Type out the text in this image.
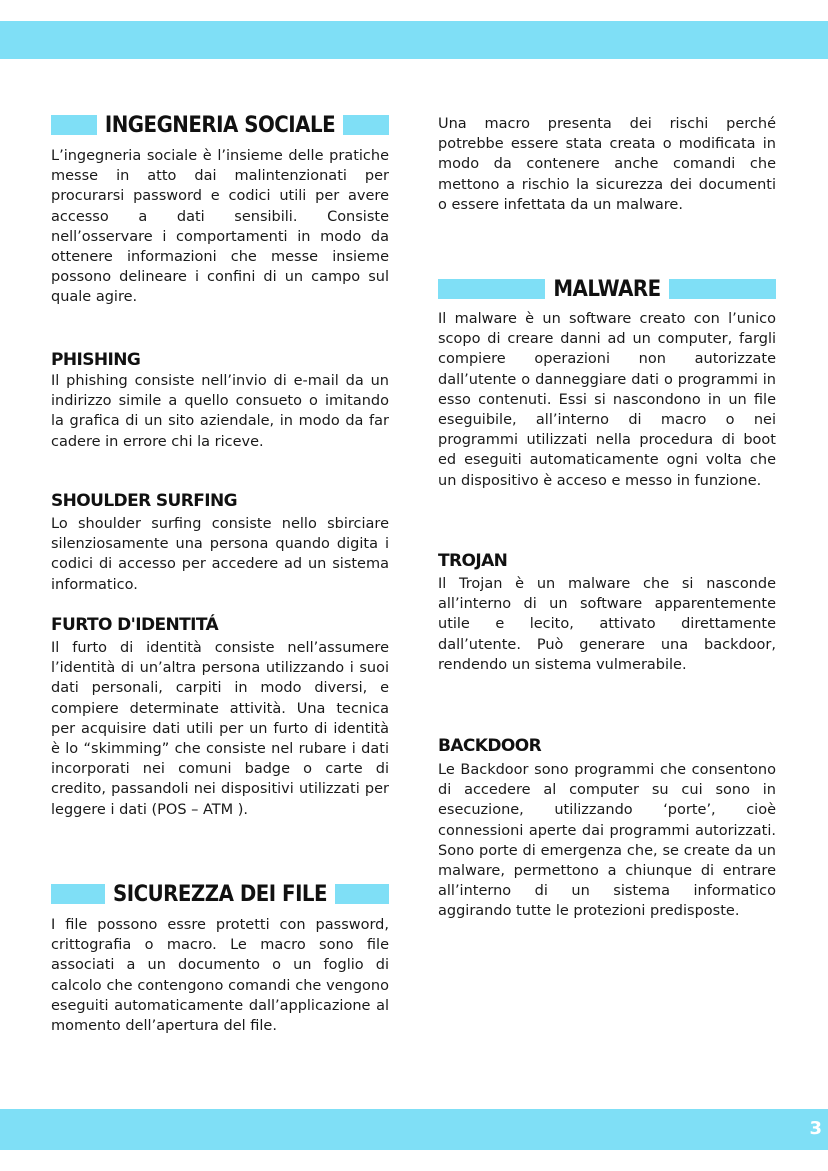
INGEGNERIA SOCIALE

L’ingegneria sociale è l’insieme delle pratiche messe in atto dai malintenzionati per procurarsi password e codici utili per avere accesso a dati sensibili. Consiste nell’osservare i comportamenti in modo da ottenere informazioni che messe insieme possono delineare i confini di un campo sul quale agire.

PHISHING

Il phishing consiste nell’invio di e-mail da un indirizzo simile a quello consueto o imitando la grafica di un sito aziendale, in modo da far cadere in errore chi la riceve.

SHOULDER SURFING

Lo shoulder surfing consiste nello sbirciare silenziosamente una persona quando digita i codici di accesso per accedere ad un sistema informatico.

FURTO D'IDENTITÁ

Il furto di identità consiste nell’assumere l’identità di un’altra persona utilizzando i suoi dati personali, carpiti in modo diversi, e compiere determinate attività. Una tecnica per acquisire dati utili per un furto di identità è lo “skimming” che consiste nel rubare i dati incorporati nei comuni badge o carte di credito, passandoli nei dispositivi utilizzati per leggere i dati (POS – ATM ).

SICUREZZA DEI FILE

I file possono essre protetti con password, crittografia o macro. Le macro sono file associati a un documento o un foglio di calcolo che contengono comandi che vengono eseguiti automaticamente dall’applicazione al momento dell’apertura del file.

Una macro presenta dei rischi perché potrebbe essere stata creata o modificata in modo da contenere anche comandi che mettono a rischio la sicurezza dei documenti o essere infettata da un malware.

MALWARE

Il malware è un software creato con l’unico scopo di creare danni ad un computer, fargli compiere operazioni non autorizzate dall’utente o danneggiare dati o programmi in esso contenuti. Essi si nascondono in un file eseguibile, all’interno di macro o nei programmi utilizzati nella procedura di boot ed eseguiti automaticamente ogni volta che un dispositivo è acceso e messo in funzione.

TROJAN

Il Trojan è un malware che si nasconde all’interno di un software apparentemente utile e lecito, attivato direttamente dall’utente. Può generare una backdoor, rendendo un sistema vulmerabile.

BACKDOOR

Le Backdoor sono programmi che consentono di accedere al computer su cui sono in esecuzione, utilizzando ‘porte’, cioè connessioni aperte dai programmi autorizzati. Sono porte di emergenza che, se create da un malware, permettono a chiunque di entrare all’interno di un sistema informatico aggirando tutte le protezioni predisposte.

3
